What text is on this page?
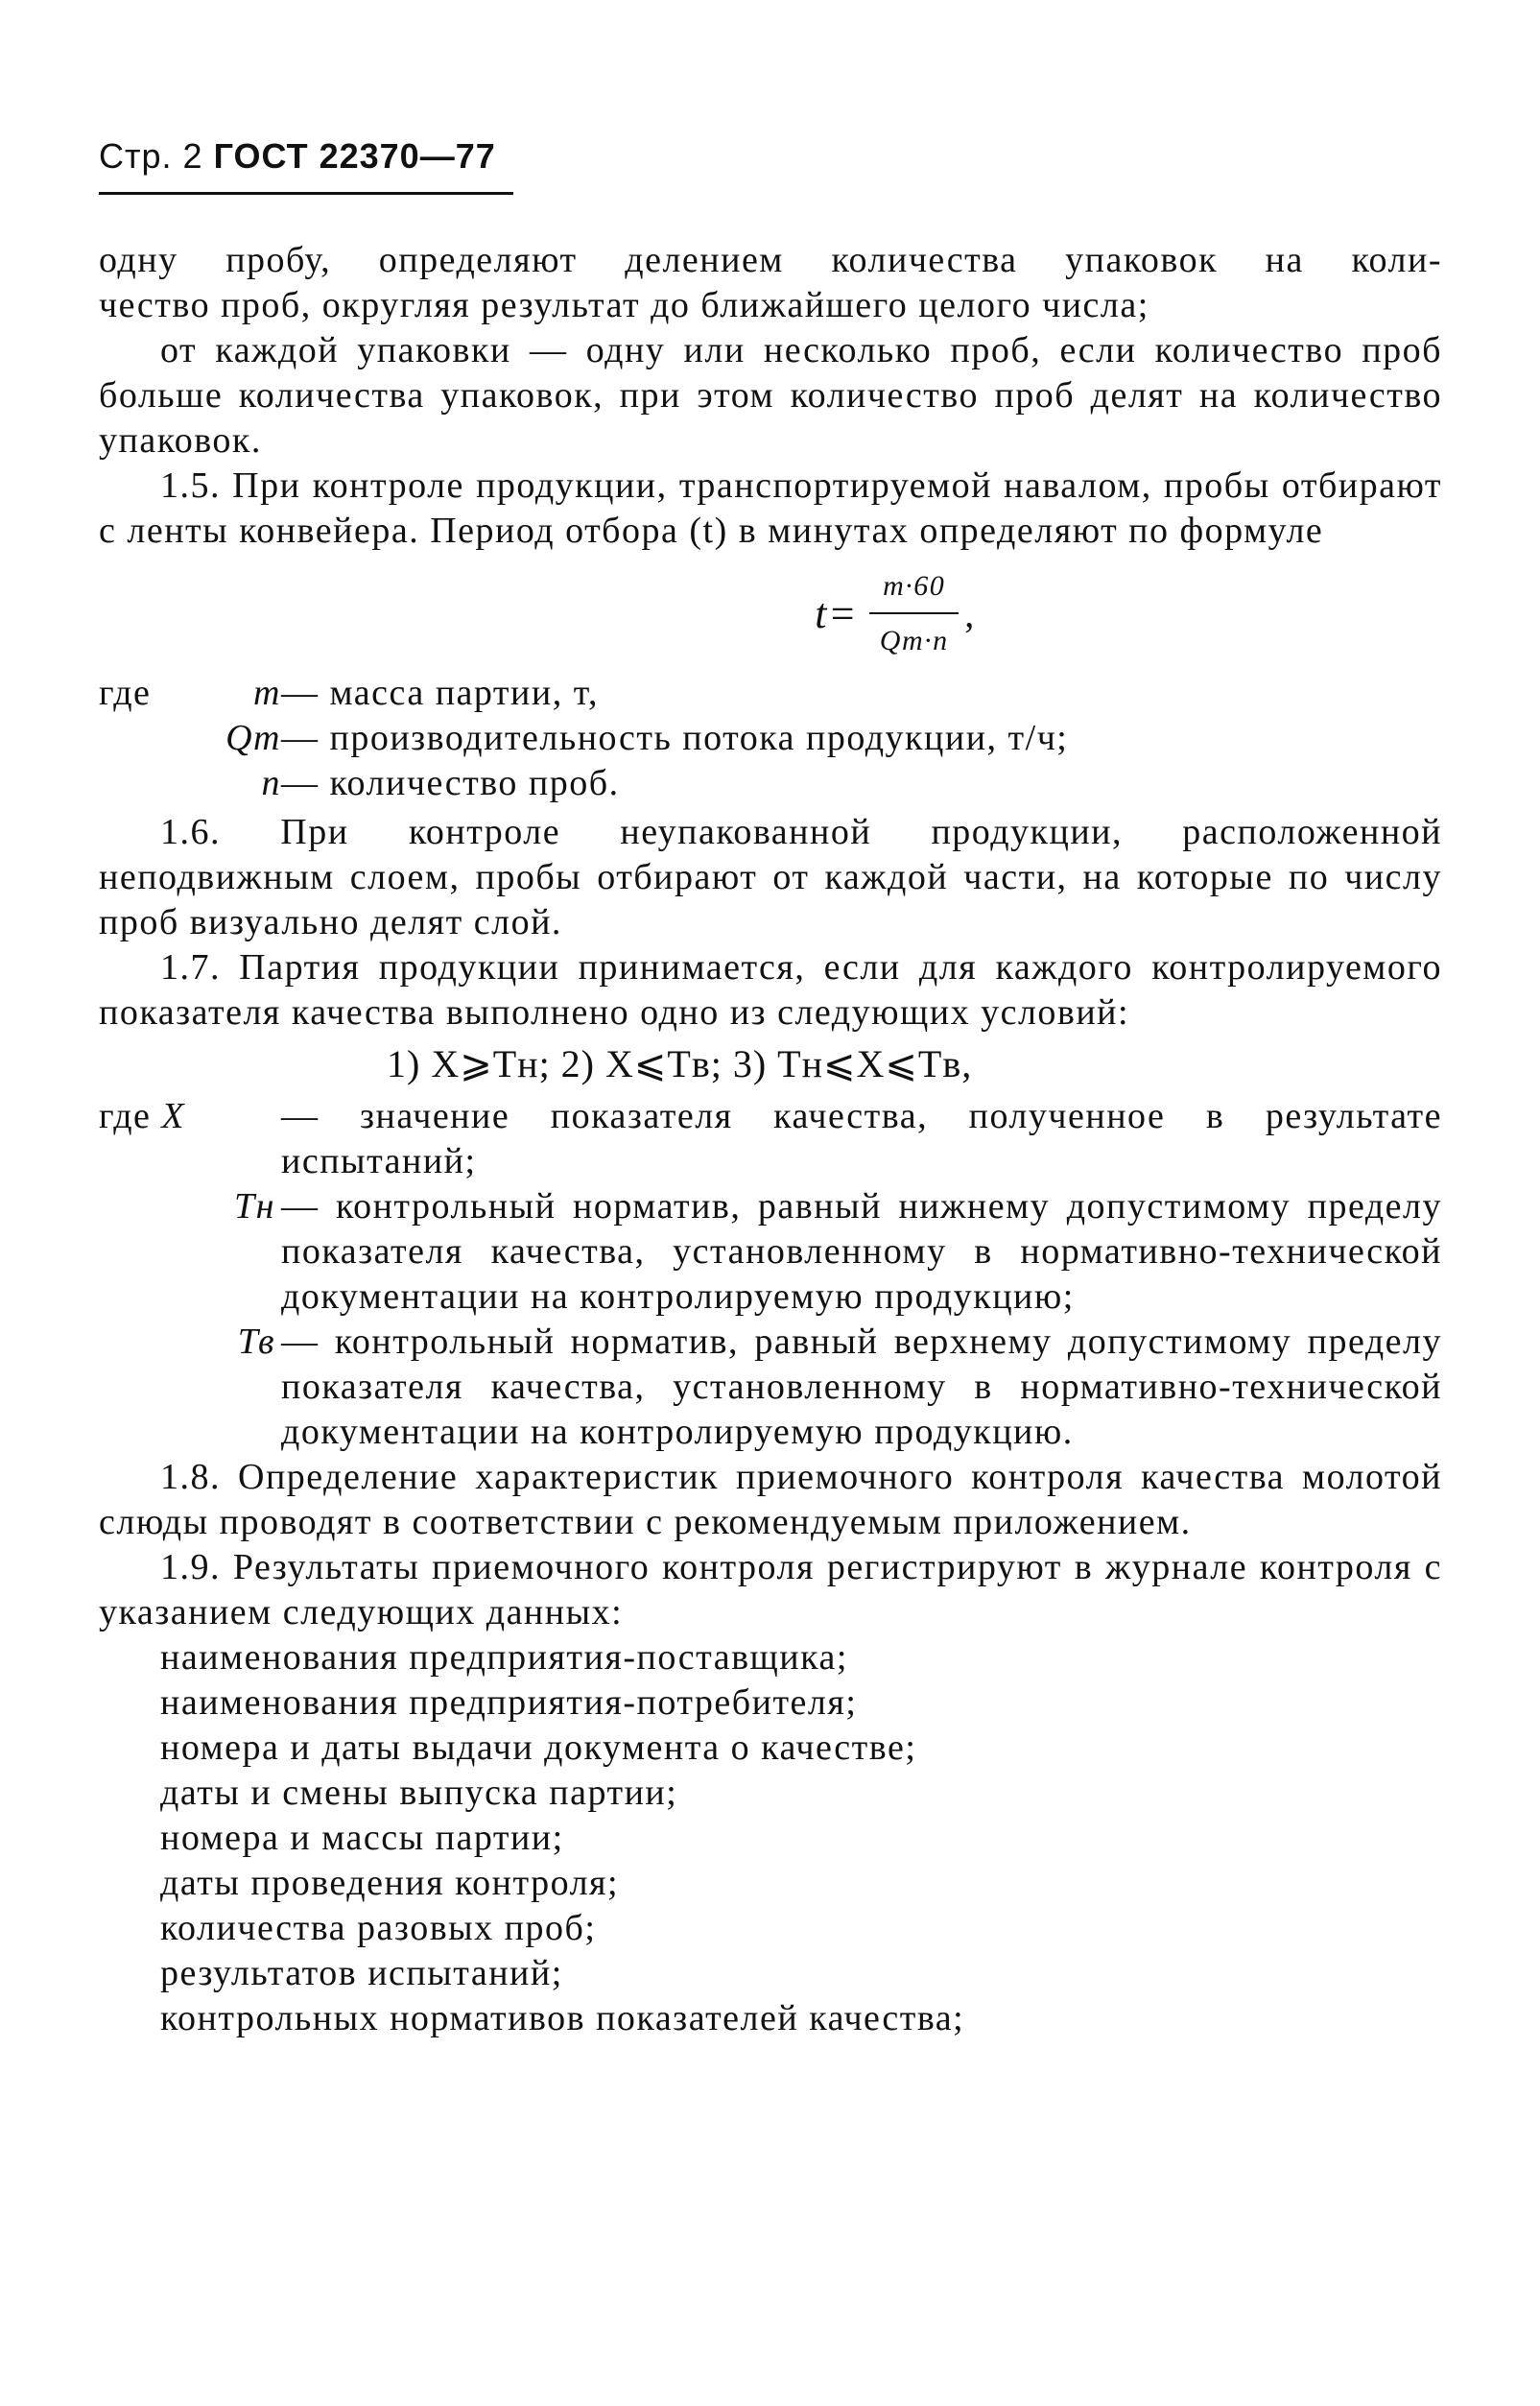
Стр. 2 ГОСТ 22370—77

одну пробу, определяют делением количества упаковок на коли-

чество проб, округляя результат до ближайшего целого числа;

от каждой упаковки — одну или несколько проб, если количество проб больше количества упаковок, при этом количество проб делят на количество упаковок.

1.5. При контроле продукции, транспортируемой навалом, пробы отбирают с ленты конвейера. Период отбора (t) в минутах определяют по формуле

$t= \frac{m\cdot 60}{Qm\cdot n}$ ,
где	m — масса партии, т,
Qm — производительность потока продукции, т/ч;
n — количество проб.

1.6. При контроле неупакованной продукции, расположенной неподвижным слоем, пробы отбирают от каждой части, на которые по числу проб визуально делят слой.

1.7. Партия продукции принимается, если для каждого контролируемого показателя качества выполнено одно из следующих условий:

1) X⩾Tн; 2) X⩽Tв; 3) Tн⩽X⩽Tв,
где X	— значение показателя качества, полученное в результате испытаний;
Тн — контрольный норматив, равный нижнему допустимому пределу показателя качества, установленному в нормативно-технической документации на контролируемую продукцию;
Тв — контрольный норматив, равный верхнему допустимому пределу показателя качества, установленному в нормативно-технической документации на контролируемую продукцию.

1.8. Определение характеристик приемочного контроля качества молотой слюды проводят в соответствии с рекомендуемым приложением.

1.9. Результаты приемочного контроля регистрируют в журнале контроля с указанием следующих данных:

наименования предприятия-поставщика;
наименования предприятия-потребителя;
номера и даты выдачи документа о качестве;
даты и смены выпуска партии;
номера и массы партии;
даты проведения контроля;
количества разовых проб;
результатов испытаний;
контрольных нормативов показателей качества;
